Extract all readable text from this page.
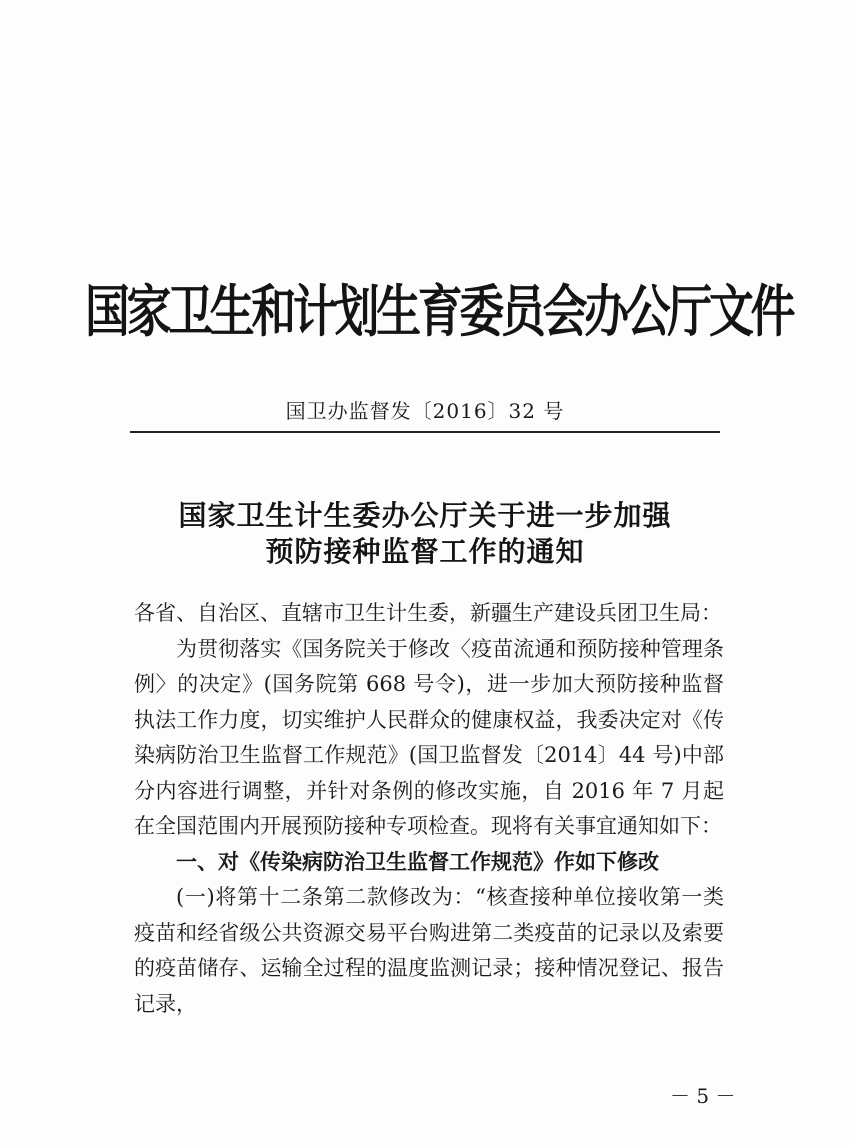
国家卫生和计划生育委员会办公厅文件
国卫办监督发〔2016〕32 号
国家卫生计生委办公厅关于进一步加强
预防接种监督工作的通知

各省、自治区、直辖市卫生计生委，新疆生产建设兵团卫生局：

为贯彻落实《国务院关于修改〈疫苗流通和预防接种管理条例〉的决定》(国务院第 668 号令)，进一步加大预防接种监督执法工作力度，切实维护人民群众的健康权益，我委决定对《传染病防治卫生监督工作规范》(国卫监督发〔2014〕44 号)中部分内容进行调整，并针对条例的修改实施，自 2016 年 7 月起在全国范围内开展预防接种专项检查。现将有关事宜通知如下：

一、对《传染病防治卫生监督工作规范》作如下修改

(一)将第十二条第二款修改为：“核查接种单位接收第一类疫苗和经省级公共资源交易平台购进第二类疫苗的记录以及索要的疫苗储存、运输全过程的温度监测记录；接种情况登记、报告记录，

－ 5 －
